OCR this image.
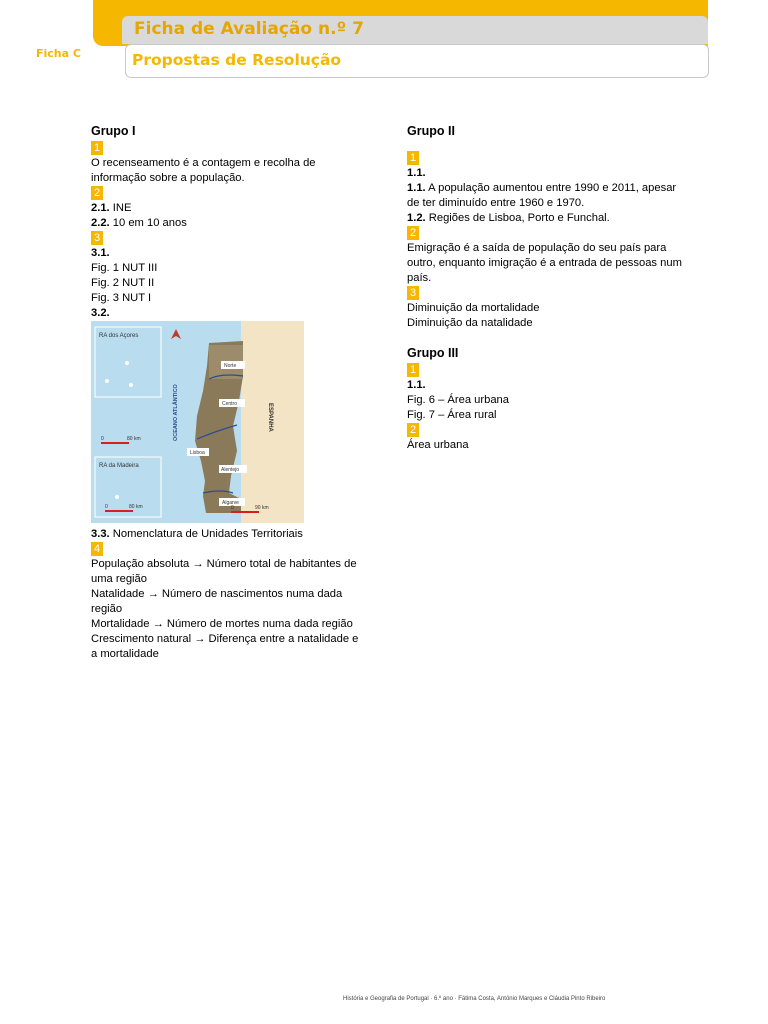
Ficha de Avaliação n.º 7
Propostas de Resolução
Ficha C
Grupo I
1
O recenseamento é a contagem e recolha de informação sobre a população.
2
2.1. INE
2.2. 10 em 10 anos
3
3.1.
Fig. 1 NUT III
Fig. 2 NUT II
Fig. 3 NUT I
3.2.
RA dos Açores
RA da Madeira
OCEANO ATLÂNTICO	ESPANHA
Norte
Centro
Lisboa
Alentejo
Algarve
0	80 km
0	80 km	0	90 km
3.3. Nomenclatura de Unidades Territoriais
4
População absoluta → Número total de habitantes de uma região
Natalidade → Número de nascimentos numa dada região
Mortalidade → Número de mortes numa dada região
Crescimento natural → Diferença entre a natalidade e a mortalidade
Grupo II
1
1.1.
1.1. A população aumentou entre 1990 e 2011, apesar de ter diminuído entre 1960 e 1970.
1.2. Regiões de Lisboa, Porto e Funchal.
2
Emigração é a saída de população do seu país para outro, enquanto imigração é a entrada de pessoas num país.
3
Diminuição da mortalidade
Diminuição da natalidade
Grupo III
1
1.1.
Fig. 6 – Área urbana
Fig. 7 – Área rural
2
Área urbana
História e Geografia de Portugal · 6.º ano · Fátima Costa, António Marques e Cláudia Pinto Ribeiro
